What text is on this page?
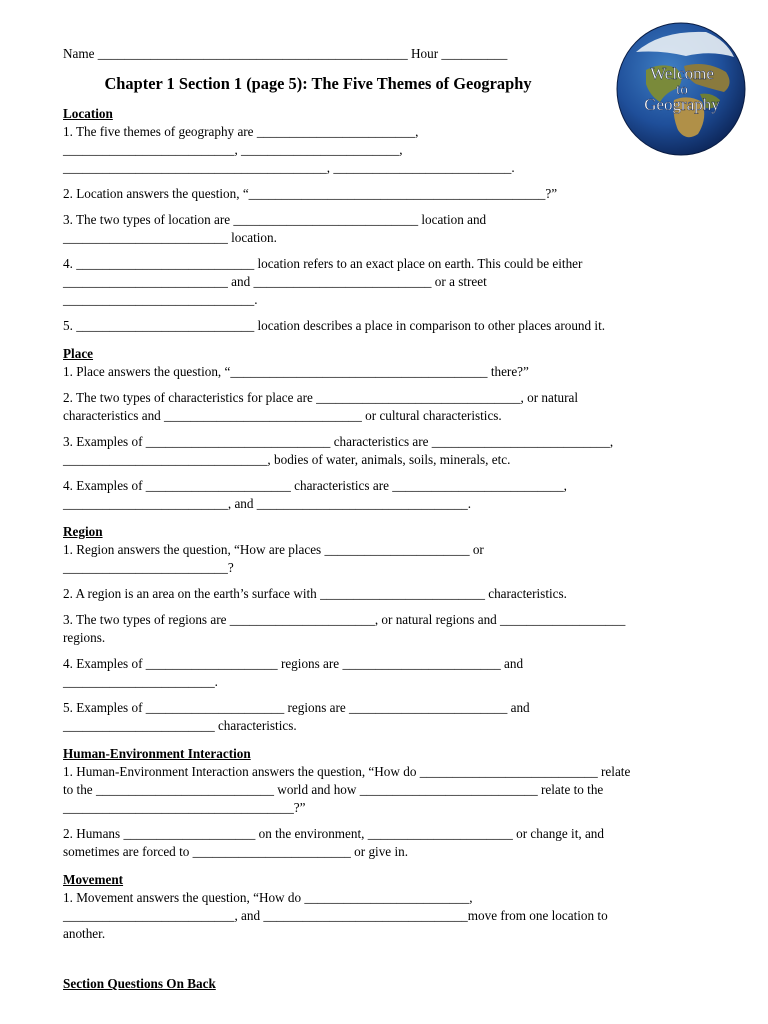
Welcome
to
Geography
Name _______________________________________________ Hour __________
Chapter 1 Section 1 (page 5): The Five Themes of Geography
Location
1. The five themes of geography are ________________________,
__________________________, ________________________,
________________________________________, ___________________________.
2. Location answers the question, “_____________________________________________?”
3. The two types of location are ____________________________ location and
_________________________ location.
4. ___________________________ location refers to an exact place on earth. This could be either
_________________________ and ___________________________ or a street
_____________________________.
5. ___________________________ location describes a place in comparison to other places around it.
Place
1. Place answers the question, “_______________________________________ there?”
2. The two types of characteristics for place are _______________________________, or natural
characteristics and ______________________________ or cultural characteristics.
3. Examples of ____________________________ characteristics are ___________________________,
_______________________________, bodies of water, animals, soils, minerals, etc.
4. Examples of ______________________ characteristics are __________________________,
_________________________, and ________________________________.
Region
1. Region answers the question, “How are places ______________________ or
_________________________?
2. A region is an area on the earth’s surface with _________________________ characteristics.
3. The two types of regions are ______________________, or natural regions and ___________________
regions.
4. Examples of ____________________ regions are ________________________ and
_______________________.
5. Examples of _____________________ regions are ________________________ and
_______________________ characteristics.
Human-Environment Interaction
1. Human-Environment Interaction answers the question, “How do ___________________________ relate
to the ___________________________ world and how ___________________________ relate to the
___________________________________?”
2. Humans ____________________ on the environment, ______________________ or change it, and
sometimes are forced to ________________________ or give in.
Movement
1. Movement answers the question, “How do _________________________,
__________________________, and _______________________________move from one location to
another.
Section Questions On Back
